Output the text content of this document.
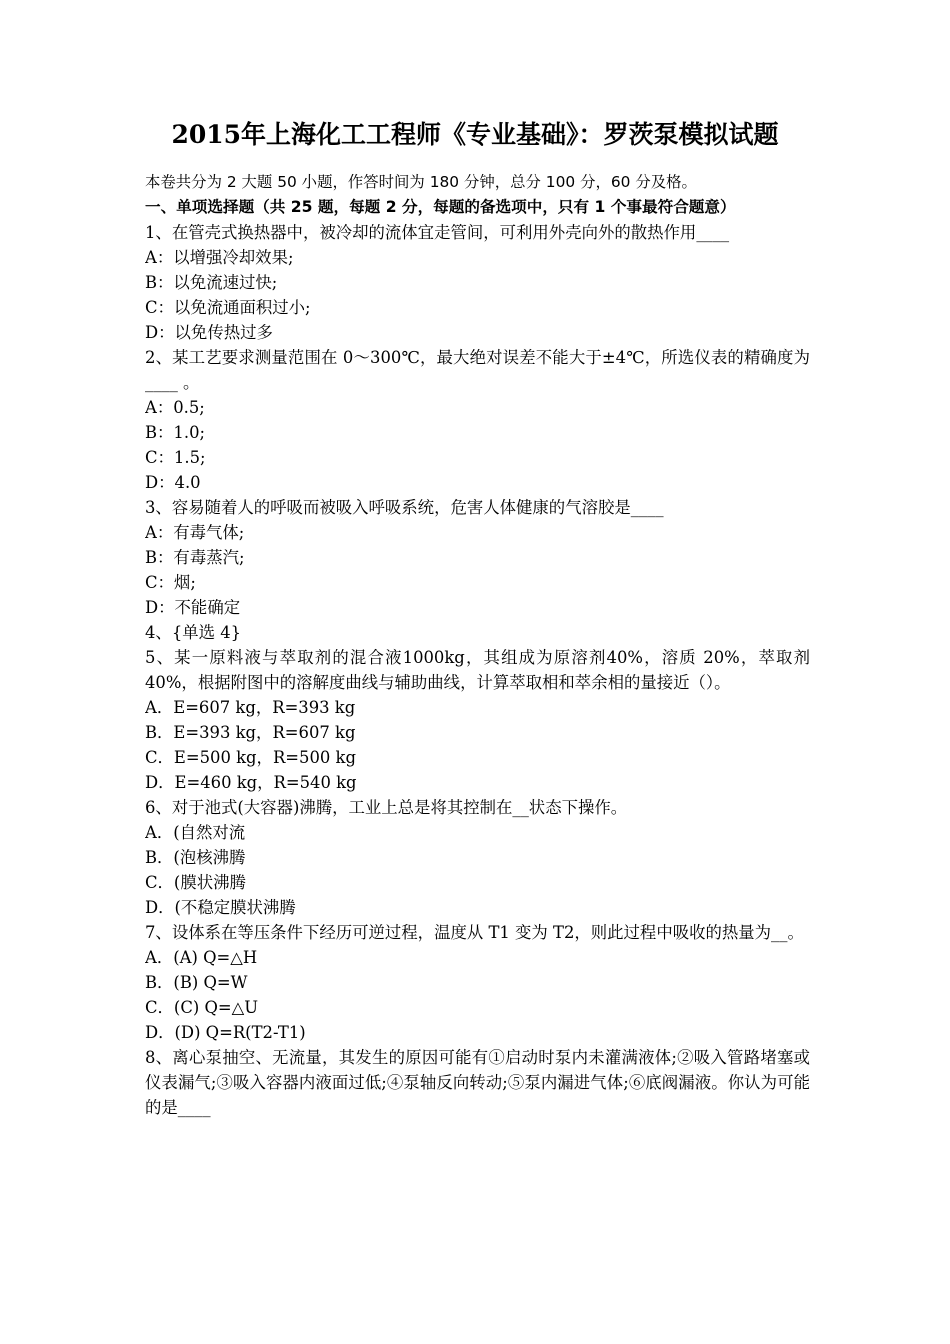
2015年上海化工工程师《专业基础》：罗茨泵模拟试题
本卷共分为 2 大题 50 小题，作答时间为 180 分钟，总分 100 分，60 分及格。
一、单项选择题（共 25 题，每题 2 分，每题的备选项中，只有 1 个事最符合题意）
1、在管壳式换热器中，被冷却的流体宜走管间，可利用外壳向外的散热作用____
A：以增强冷却效果;
B：以免流速过快;
C：以免流通面积过小;
D：以免传热过多
2、某工艺要求测量范围在 0～300℃，最大绝对误差不能大于±4℃，所选仪表的精确度为____ 。
A：0.5;
B：1.0;
C：1.5;
D：4.0
3、容易随着人的呼吸而被吸入呼吸系统，危害人体健康的气溶胶是____
A：有毒气体;
B：有毒蒸汽;
C：烟;
D：不能确定
4、{单选 4}
5、某一原料液与萃取剂的混合液1000kg，其组成为原溶剂40%，溶质 20%，萃取剂 40%，根据附图中的溶解度曲线与辅助曲线，计算萃取相和萃余相的量接近（）。
A．E=607 kg，R=393 kg
B．E=393 kg，R=607 kg
C．E=500 kg，R=500 kg
D．E=460 kg，R=540 kg
6、对于池式(大容器)沸腾，工业上总是将其控制在__状态下操作。
A．(自然对流
B．(泡核沸腾
C．(膜状沸腾
D．(不稳定膜状沸腾
7、设体系在等压条件下经历可逆过程，温度从 T1 变为 T2，则此过程中吸收的热量为__。
A．(A) Q=△H
B．(B) Q=W
C．(C) Q=△U
D．(D) Q=R(T2-T1)
8、离心泵抽空、无流量，其发生的原因可能有①启动时泵内未灌满液体;②吸入管路堵塞或仪表漏气;③吸入容器内液面过低;④泵轴反向转动;⑤泵内漏进气体;⑥底阀漏液。你认为可能的是____
